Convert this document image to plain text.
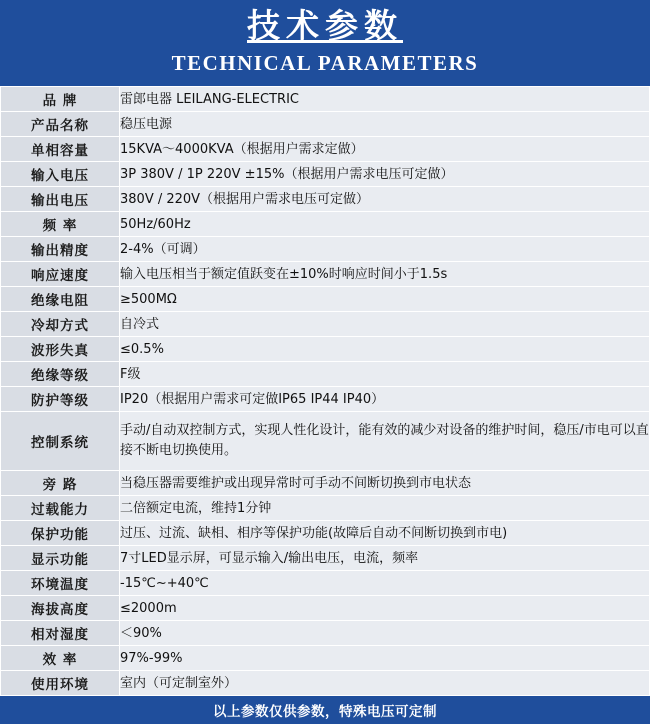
技术参数
TECHNICAL PARAMETERS
品 牌	雷郎电器 LEILANG-ELECTRIC
产品名称	稳压电源
单相容量	15KVA～4000KVA（根据用户需求定做）
输入电压	3P 380V / 1P 220V ±15%（根据用户需求电压可定做）
输出电压	380V / 220V（根据用户需求电压可定做）
频 率	50Hz/60Hz
输出精度	2-4%（可调）
响应速度	输入电压相当于额定值跃变在±10%时响应时间小于1.5s
绝缘电阻	≥500MΩ
冷却方式	自冷式
波形失真	≤0.5%
绝缘等级	F级
防护等级	IP20（根据用户需求可定做IP65 IP44 IP40）
控制系统	手动/自动双控制方式，实现人性化设计，能有效的减少对设备的维护时间，稳压/市电可以直接不断电切换使用。
旁 路	当稳压器需要维护或出现异常时可手动不间断切换到市电状态
过载能力	二倍额定电流，维持1分钟
保护功能	过压、过流、缺相、相序等保护功能(故障后自动不间断切换到市电)
显示功能	7寸LED显示屏，可显示输入/输出电压，电流，频率
环境温度	-15℃~+40℃
海拔高度	≤2000m
相对湿度	＜90%
效 率	97%-99%
使用环境	室内（可定制室外）
以上参数仅供参数，特殊电压可定制
